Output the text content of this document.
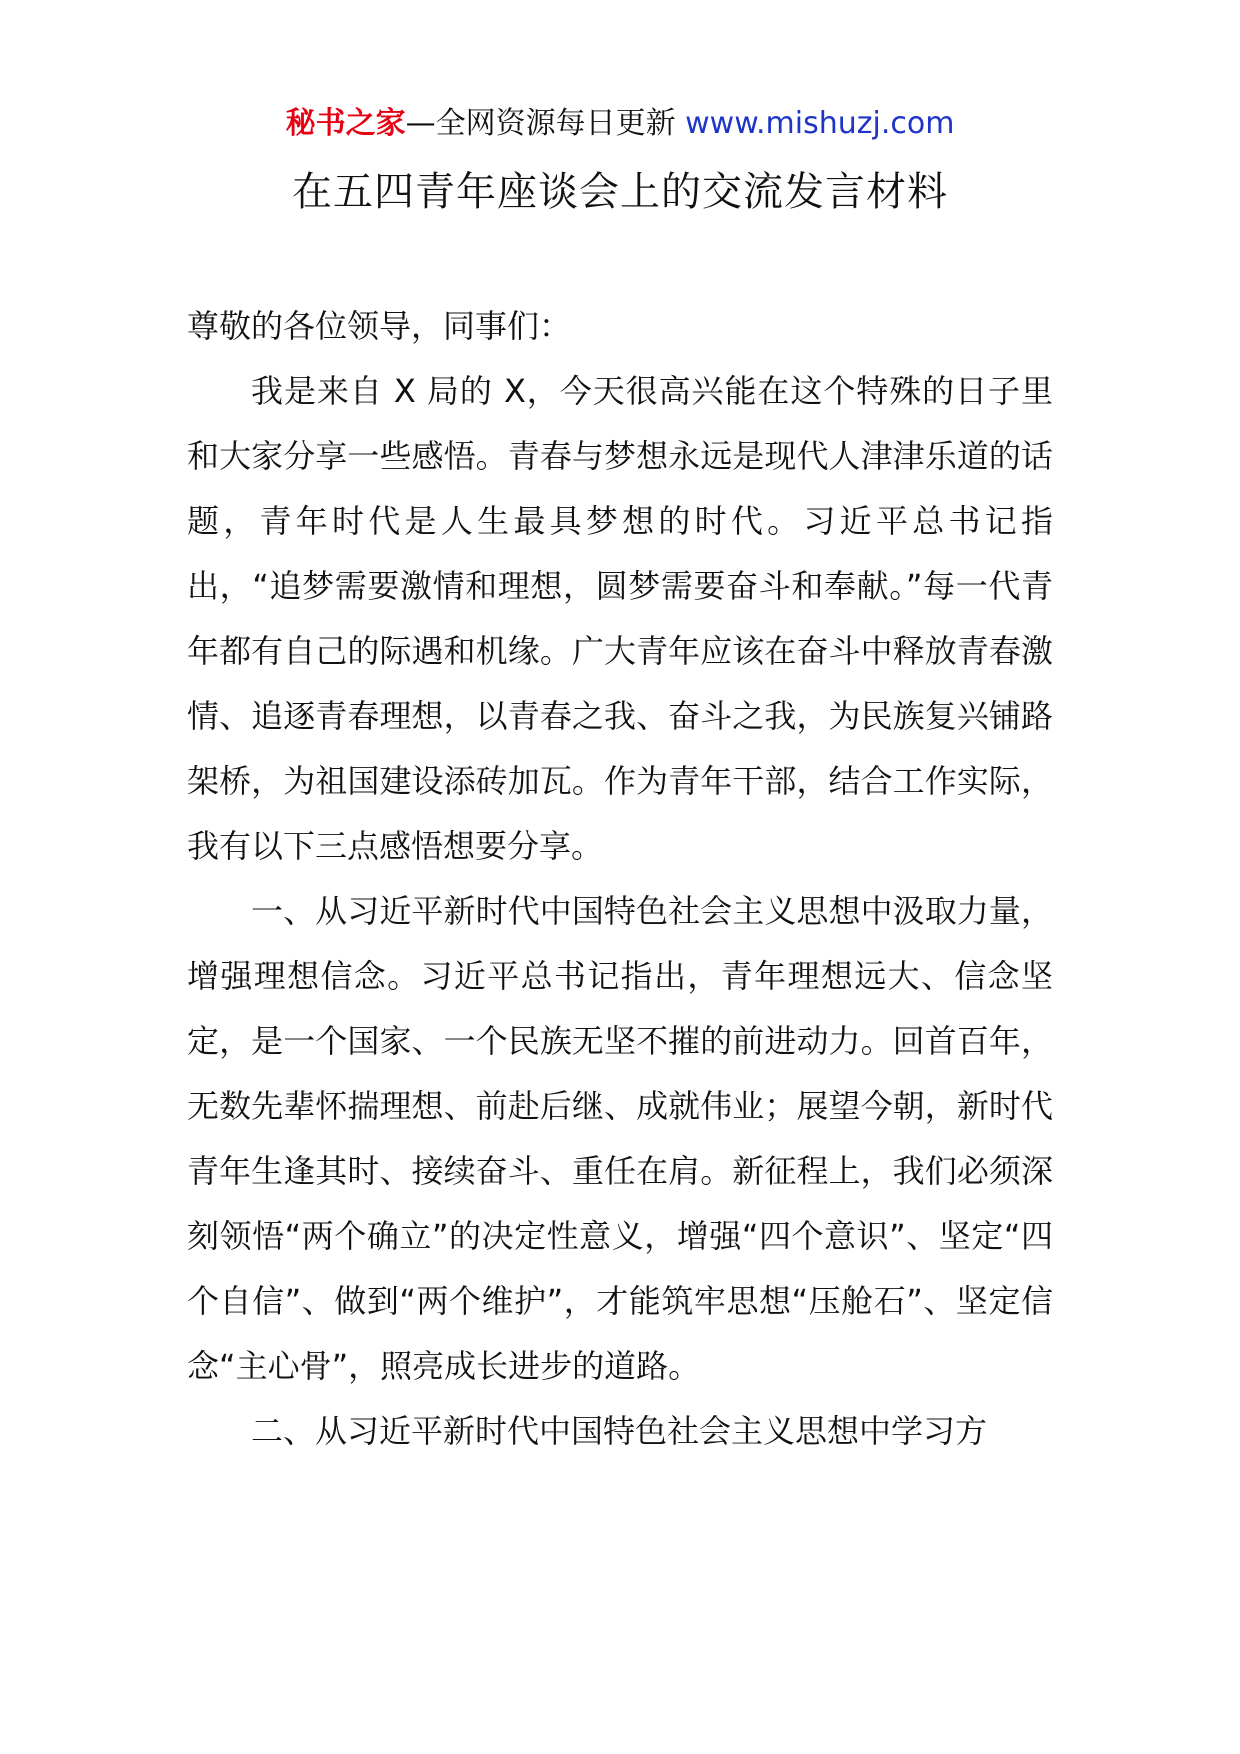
秘书之家—全网资源每日更新 www.mishuzj.com
在五四青年座谈会上的交流发言材料

尊敬的各位领导，同事们：

我是来自 X 局的 X，今天很高兴能在这个特殊的日子里和大家分享一些感悟。青春与梦想永远是现代人津津乐道的话题，青年时代是人生最具梦想的时代。习近平总书记指出，“追梦需要激情和理想，圆梦需要奋斗和奉献。”每一代青年都有自己的际遇和机缘。广大青年应该在奋斗中释放青春激情、追逐青春理想，以青春之我、奋斗之我，为民族复兴铺路架桥，为祖国建设添砖加瓦。作为青年干部，结合工作实际，我有以下三点感悟想要分享。

一、从习近平新时代中国特色社会主义思想中汲取力量，增强理想信念。习近平总书记指出，青年理想远大、信念坚定，是一个国家、一个民族无坚不摧的前进动力。回首百年，无数先辈怀揣理想、前赴后继、成就伟业；展望今朝，新时代青年生逢其时、接续奋斗、重任在肩。新征程上，我们必须深刻领悟“两个确立”的决定性意义，增强“四个意识”、坚定“四个自信”、做到“两个维护”，才能筑牢思想“压舱石”、坚定信念“主心骨”，照亮成长进步的道路。

二、从习近平新时代中国特色社会主义思想中学习方
